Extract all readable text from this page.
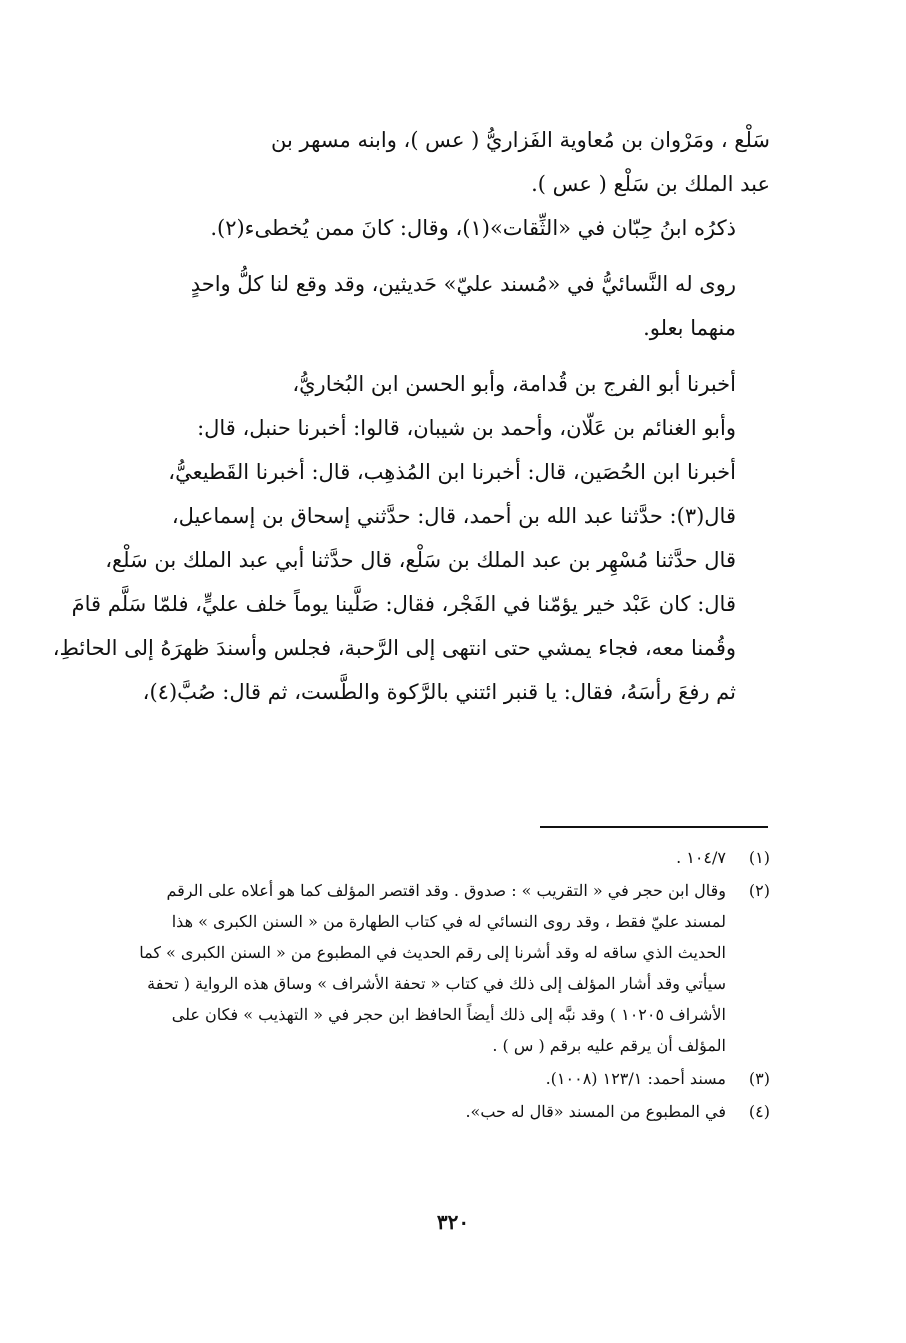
سَلْع ، ومَرْوان بن مُعاوية الفَزاريُّ ( عس )، وابنه مسهر بن
عبد الملك بن سَلْع ( عس ).

ذكرُه ابنُ حِبّان في «الثِّقات»(١)، وقال: كانَ ممن يُخطىء(٢).

روى له النَّسائيُّ في «مُسند عليّ» حَديثين، وقد وقع لنا كلُّ واحدٍ
منهما بعلو.

أخبرنا أبو الفرج بن قُدامة، وأبو الحسن ابن البُخاريُّ،
وأبو الغنائم بن عَلّان، وأحمد بن شيبان، قالوا: أخبرنا حنبل، قال:
أخبرنا ابن الحُصَين، قال: أخبرنا ابن المُذهِب، قال: أخبرنا القَطيعيُّ،
قال(٣): حدَّثنا عبد الله بن أحمد، قال: حدَّثني إسحاق بن إسماعيل،
قال حدَّثنا مُسْهِر بن عبد الملك بن سَلْع، قال حدَّثنا أبي عبد الملك بن سَلْع،
قال: كان عَبْد خير يؤمّنا في الفَجْر، فقال: صَلَّينا يوماً خلف عليٍّ، فلمّا سَلَّم قامَ
وقُمنا معه، فجاء يمشي حتى انتهى إلى الرَّحبة، فجلس وأسندَ ظهرَهُ إلى الحائطِ،
ثم رفعَ رأسَهُ، فقال: يا قنبر ائتني بالرَّكوة والطَّست، ثم قال: صُبَّ(٤)،

(١)
١٠٤/٧ .
(٢)
وقال ابن حجر في « التقريب » : صدوق . وقد اقتصر المؤلف كما هو أعلاه على الرقم
لمسند عليّ فقط ، وقد روى النسائي له في كتاب الطهارة من « السنن الكبرى » هذا
الحديث الذي ساقه له وقد أشرنا إلى رقم الحديث في المطبوع من « السنن الكبرى » كما
سيأتي وقد أشار المؤلف إلى ذلك في كتاب « تحفة الأشراف » وساق هذه الرواية ( تحفة
الأشراف ١٠٢٠٥ ) وقد نبَّه إلى ذلك أيضاً الحافظ ابن حجر في « التهذيب » فكان على
المؤلف أن يرقم عليه برقم ( س ) .
(٣)
مسند أحمد: ١٢٣/١ (١٠٠٨).
(٤)
في المطبوع من المسند «قال له حب».
٣٢٠
